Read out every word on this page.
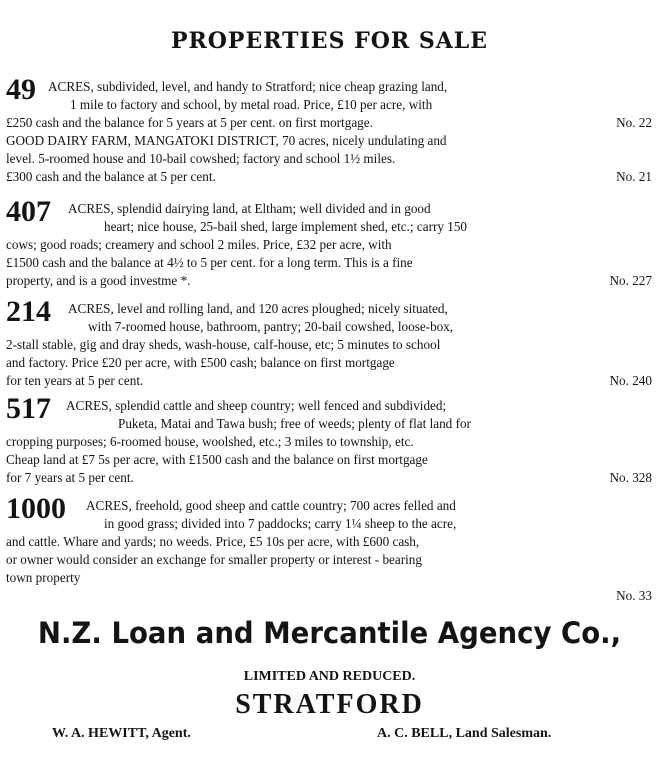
PROPERTIES FOR SALE
49 ACRES, subdivided, level, and handy to Stratford; nice cheap grazing land,
1 mile to factory and school, by metal road. Price, £10 per acre, with
£250 cash and the balance for 5 years at 5 per cent. on first mortgage.	No. 22
GOOD DAIRY FARM, MANGATOKI DISTRICT, 70 acres, nicely undulating and
level. 5-roomed house and 10-bail cowshed; factory and school 1½ miles.
£300 cash and the balance at 5 per cent.	No. 21
407 ACRES, splendid dairying land, at Eltham; well divided and in good
heart; nice house, 25-bail shed, large implement shed, etc.; carry 150
cows; good roads; creamery and school 2 miles. Price, £32 per acre, with
£1500 cash and the balance at 4½ to 5 per cent. for a long term. This is a fine
property, and is a good investme *.	No. 227
214 ACRES, level and rolling land, and 120 acres ploughed; nicely situated,
with 7-roomed house, bathroom, pantry; 20-bail cowshed, loose-box,
2-stall stable, gig and dray sheds, wash-house, calf-house, etc; 5 minutes to school
and factory. Price £20 per acre, with £500 cash; balance on first mortgage
for ten years at 5 per cent.	No. 240
517 ACRES, splendid cattle and sheep country; well fenced and subdivided;
Puketa, Matai and Tawa bush; free of weeds; plenty of flat land for
cropping purposes; 6-roomed house, woolshed, etc.; 3 miles to township, etc.
Cheap land at £7 5s per acre, with £1500 cash and the balance on first mortgage
for 7 years at 5 per cent.	No. 328
1000 ACRES, freehold, good sheep and cattle country; 700 acres felled and
in good grass; divided into 7 paddocks; carry 1¼ sheep to the acre,
and cattle. Whare and yards; no weeds. Price, £5 10s per acre, with £600 cash,
or owner would consider an exchange for smaller property or interest - bearing
town property
No. 33
N.Z. Loan and Mercantile Agency Co.,
LIMITED AND REDUCED.
STRATFORD
W. A. HEWITT, Agent.	A. C. BELL, Land Salesman.
